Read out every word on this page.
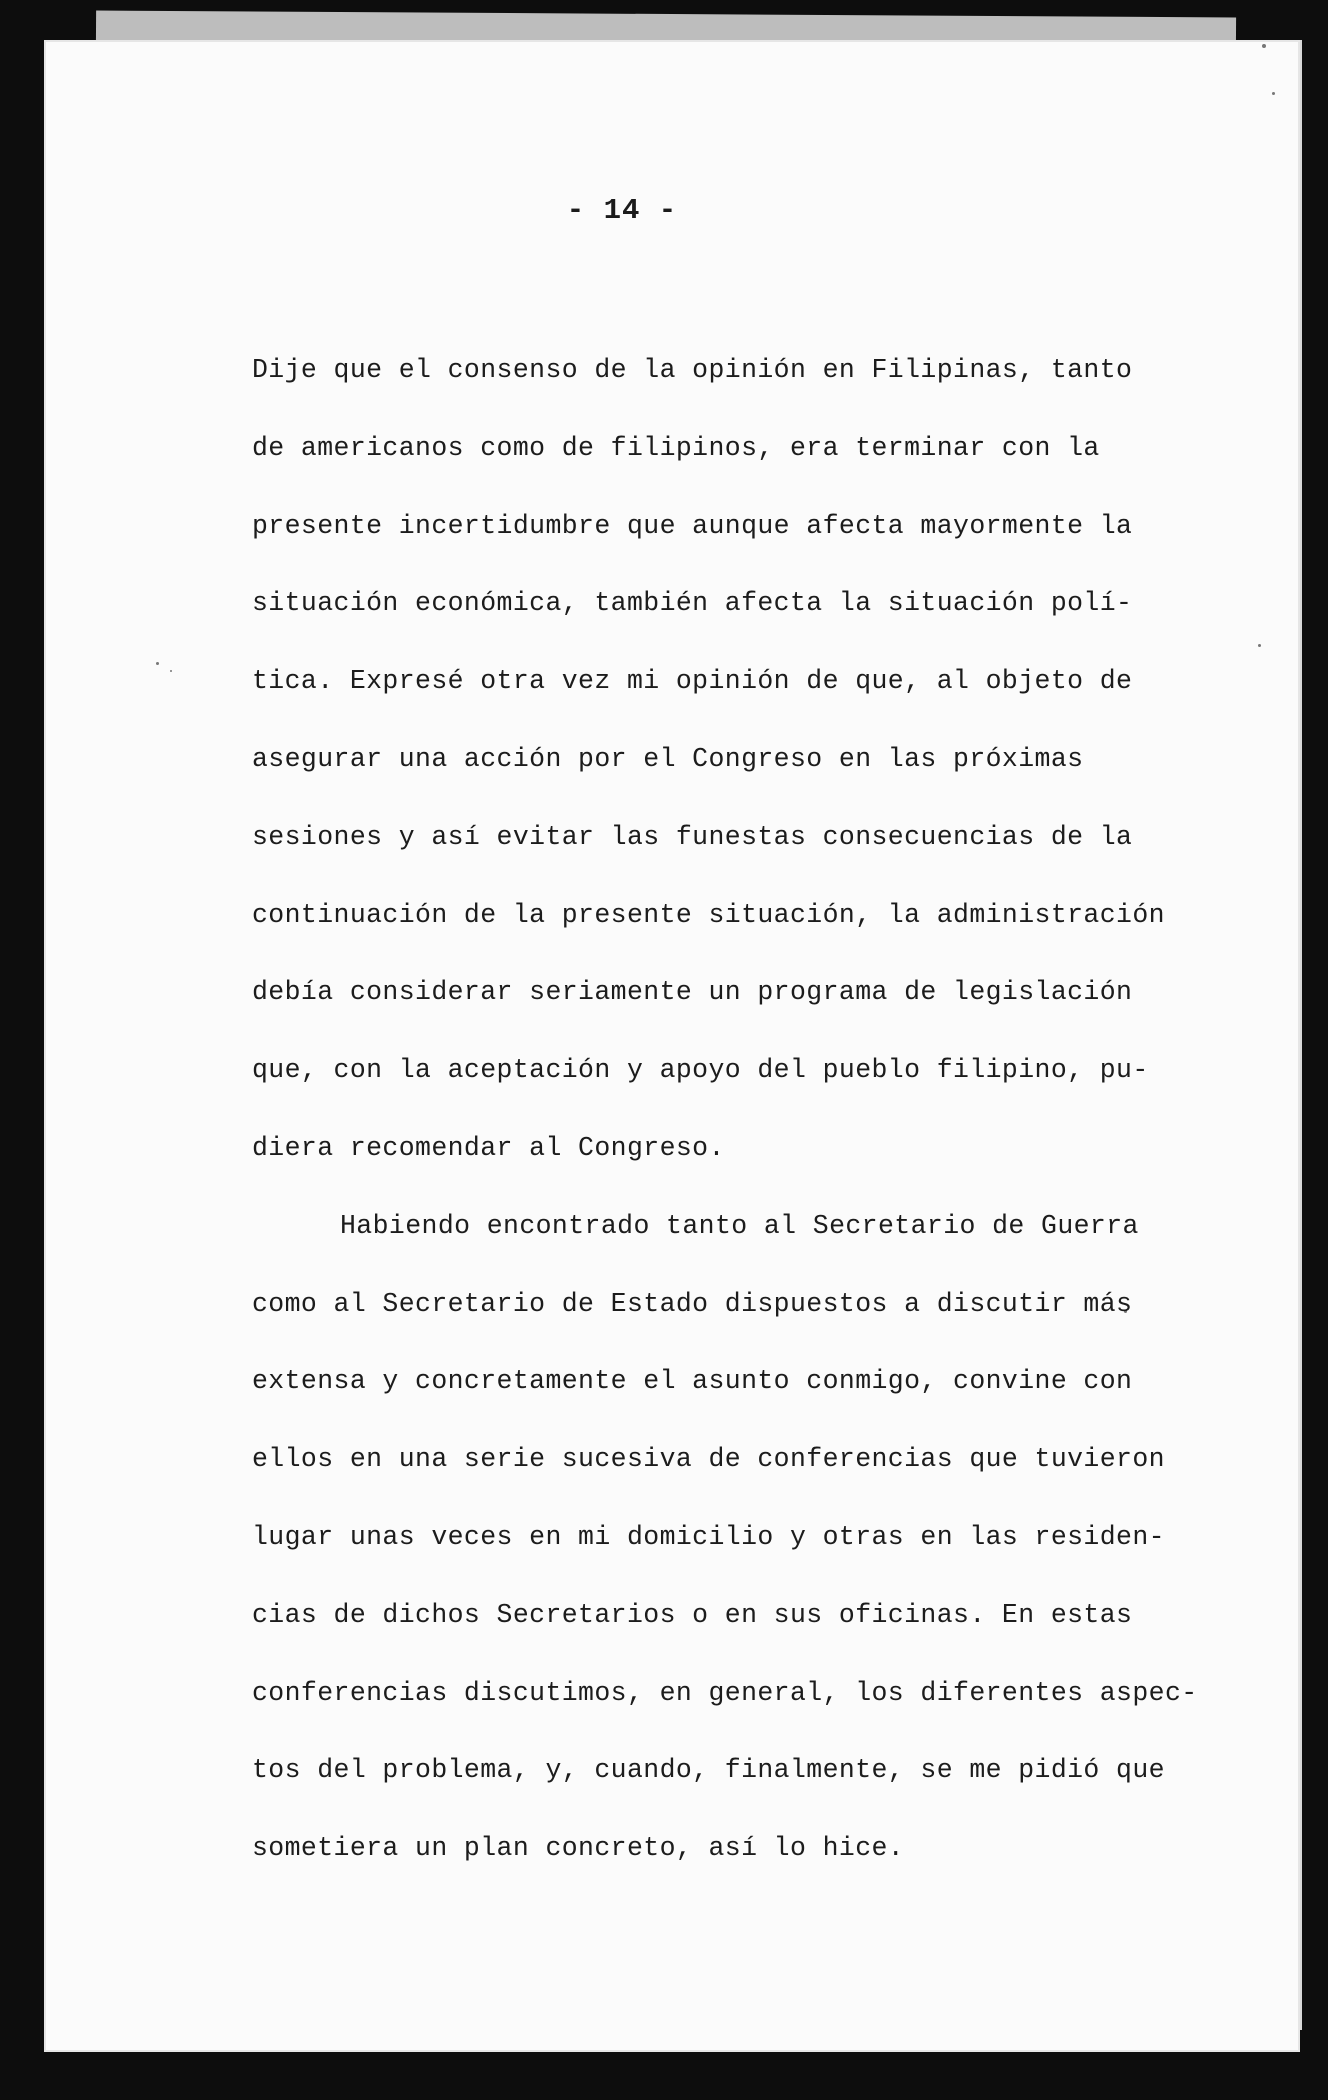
- 14 -
Dije que el consenso de la opinión en Filipinas, tanto
de americanos como de filipinos, era terminar con la
presente incertidumbre que aunque afecta mayormente la
situación económica, también afecta la situación polí-
tica. Expresé otra vez mi opinión de que, al objeto de
asegurar una acción por el Congreso en las próximas
sesiones y así evitar las funestas consecuencias de la
continuación de la presente situación, la administración
debía considerar seriamente un programa de legislación
que, con la aceptación y apoyo del pueblo filipino, pu-
diera recomendar al Congreso.
Habiendo encontrado tanto al Secretario de Guerra
como al Secretario de Estado dispuestos a discutir más
extensa y concretamente el asunto conmigo, convine con
ellos en una serie sucesiva de conferencias que tuvieron
lugar unas veces en mi domicilio y otras en las residen-
cias de dichos Secretarios o en sus oficinas. En estas
conferencias discutimos, en general, los diferentes aspec-
tos del problema, y, cuando, finalmente, se me pidió que
sometiera un plan concreto, así lo hice.
